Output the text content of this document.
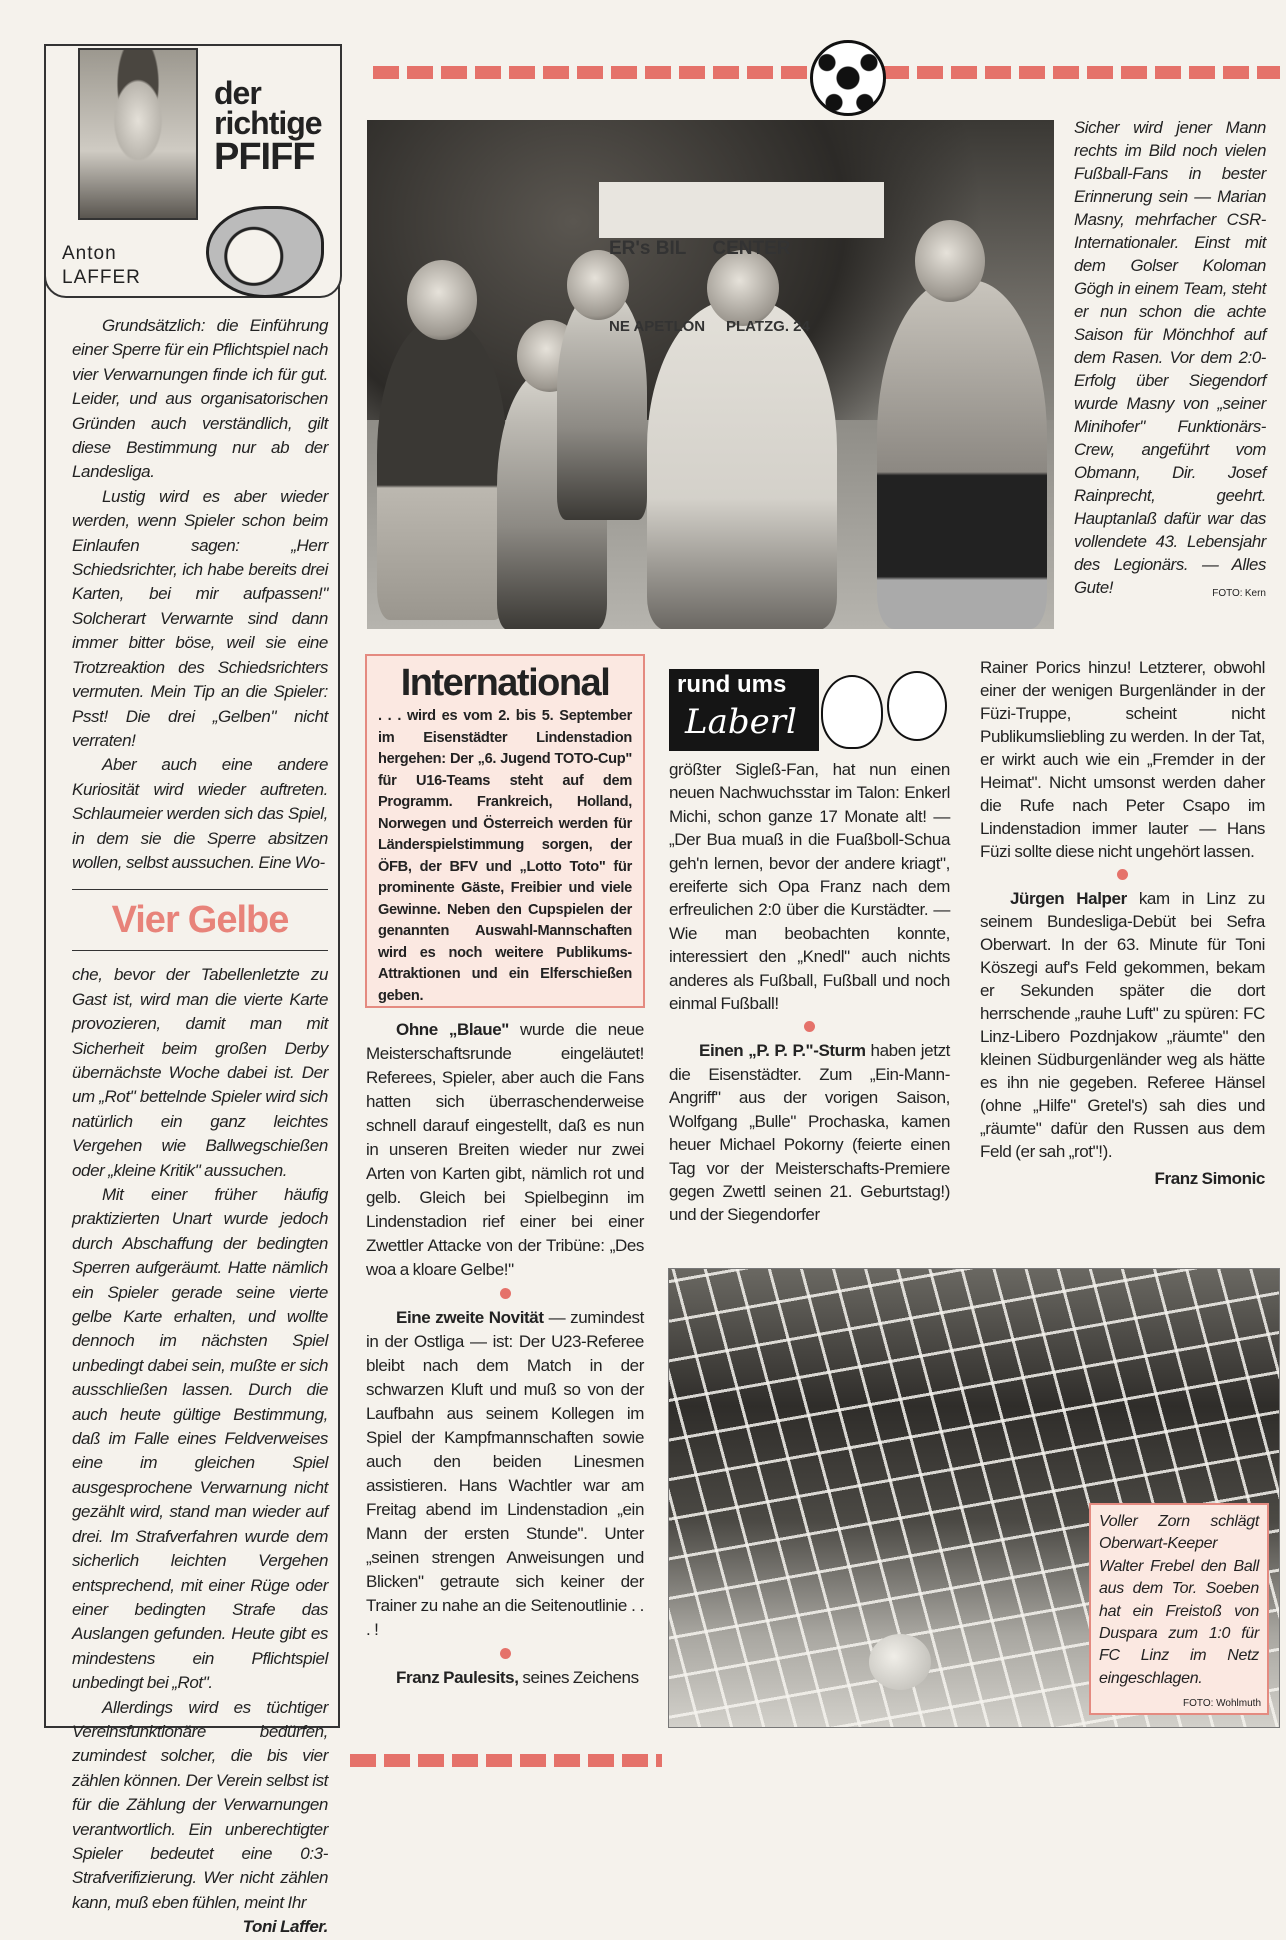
der
richtige
PFIFF
Anton
LAFFER

Grundsätzlich: die Einführung einer Sperre für ein Pflichtspiel nach vier Verwarnungen finde ich für gut. Leider, und aus organisatorischen Gründen auch verständlich, gilt diese Bestimmung nur ab der Landesliga.

Lustig wird es aber wieder werden, wenn Spieler schon beim Einlaufen sagen: „Herr Schiedsrichter, ich habe bereits drei Karten, bei mir aufpassen!" Solcherart Verwarnte sind dann immer bitter böse, weil sie eine Trotzreaktion des Schiedsrichters vermuten. Mein Tip an die Spieler: Psst! Die drei „Gelben" nicht verraten!

Aber auch eine andere Kuriosität wird wieder auftreten. Schlaumeier werden sich das Spiel, in dem sie die Sperre absitzen wollen, selbst aussuchen. Eine Wo-

Vier Gelbe

che, bevor der Tabellenletzte zu Gast ist, wird man die vierte Karte provozieren, damit man mit Sicherheit beim großen Derby übernächste Woche dabei ist. Der um „Rot" bettelnde Spieler wird sich natürlich ein ganz leichtes Vergehen wie Ballwegschießen oder „kleine Kritik" aussuchen.

Mit einer früher häufig praktizierten Unart wurde jedoch durch Abschaffung der bedingten Sperren aufgeräumt. Hatte nämlich ein Spieler gerade seine vierte gelbe Karte erhalten, und wollte dennoch im nächsten Spiel unbedingt dabei sein, mußte er sich ausschließen lassen. Durch die auch heute gültige Bestimmung, daß im Falle eines Feldverweises eine im gleichen Spiel ausgesprochene Verwarnung nicht gezählt wird, stand man wieder auf drei. Im Strafverfahren wurde dem sicherlich leichten Vergehen entsprechend, mit einer Rüge oder einer bedingten Strafe das Auslangen gefunden. Heute gibt es mindestens ein Pflichtspiel unbedingt bei „Rot".

Allerdings wird es tüchtiger Vereinsfunktionäre bedürfen, zumindest solcher, die bis vier zählen können. Der Verein selbst ist für die Zählung der Verwarnungen verantwortlich. Ein unberechtigter Spieler bedeutet eine 0:3-Strafverifizierung. Wer nicht zählen kann, muß eben fühlen, meint Ihr

Toni Laffer.

ER's BIL     CENTER

NE APETLON     PLATZG. 24

Sicher wird jener Mann rechts im Bild noch vielen Fußball-Fans in bester Erinnerung sein — Marian Masny, mehrfacher CSR-Internationaler. Einst mit dem Golser Koloman Gögh in einem Team, steht er nun schon die achte Saison für Mönchhof auf dem Rasen. Vor dem 2:0-Erfolg über Siegendorf wurde Masny von „seiner Minihofer" Funktionärs-Crew, angeführt vom Obmann, Dir. Josef Rainprecht, geehrt. Hauptanlaß dafür war das vollendete 43. Lebensjahr des Legionärs. — Alles Gute!	FOTO: Kern
International

. . . wird es vom 2. bis 5. September im Eisenstädter Lindenstadion hergehen: Der „6. Jugend TOTO-Cup" für U16-Teams steht auf dem Programm. Frankreich, Holland, Norwegen und Österreich werden für Länderspielstimmung sorgen, der ÖFB, der BFV und „Lotto Toto" für prominente Gäste, Freibier und viele Gewinne. Neben den Cupspielen der genannten Auswahl-Mannschaften wird es noch weitere Publikums-Attraktionen und ein Elferschießen geben.

Ohne „Blaue" wurde die neue Meisterschaftsrunde eingeläutet! Referees, Spieler, aber auch die Fans hatten sich überraschenderweise schnell darauf eingestellt, daß es nun in unseren Breiten wieder nur zwei Arten von Karten gibt, nämlich rot und gelb. Gleich bei Spielbeginn im Lindenstadion rief einer bei einer Zwettler Attacke von der Tribüne: „Des woa a kloare Gelbe!"

Eine zweite Novität — zumindest in der Ostliga — ist: Der U23-Referee bleibt nach dem Match in der schwarzen Kluft und muß so von der Laufbahn aus seinem Kollegen im Spiel der Kampfmannschaften sowie auch den beiden Linesmen assistieren. Hans Wachtler war am Freitag abend im Lindenstadion „ein Mann der ersten Stunde". Unter „seinen strengen Anweisungen und Blicken" getraute sich keiner der Trainer zu nahe an die Seitenoutlinie . . . !

Franz Paulesits, seines Zeichens

rund ums
Laberl

größter Sigleß-Fan, hat nun einen neuen Nachwuchsstar im Talon: Enkerl Michi, schon ganze 17 Monate alt! — „Der Bua muaß in die Fuaßboll-Schua geh'n lernen, bevor der andere kriagt", ereiferte sich Opa Franz nach dem erfreulichen 2:0 über die Kurstädter. — Wie man beobachten konnte, interessiert den „Knedl" auch nichts anderes als Fußball, Fußball und noch einmal Fußball!

Einen „P. P. P."-Sturm haben jetzt die Eisenstädter. Zum „Ein-Mann-Angriff" aus der vorigen Saison, Wolfgang „Bulle" Prochaska, kamen heuer Michael Pokorny (feierte einen Tag vor der Meisterschafts-Premiere gegen Zwettl seinen 21. Geburtstag!) und der Siegendorfer

Rainer Porics hinzu! Letzterer, obwohl einer der wenigen Burgenländer in der Füzi-Truppe, scheint nicht Publikumsliebling zu werden. In der Tat, er wirkt auch wie ein „Fremder in der Heimat". Nicht umsonst werden daher die Rufe nach Peter Csapo im Lindenstadion immer lauter — Hans Füzi sollte diese nicht ungehört lassen.

Jürgen Halper kam in Linz zu seinem Bundesliga-Debüt bei Sefra Oberwart. In der 63. Minute für Toni Köszegi auf's Feld gekommen, bekam er Sekunden später die dort herrschende „rauhe Luft" zu spüren: FC Linz-Libero Pozdnjakow „räumte" den kleinen Südburgenländer weg als hätte es ihn nie gegeben. Referee Hänsel (ohne „Hilfe" Gretel's) sah dies und „räumte" dafür den Russen aus dem Feld (er sah „rot"!).

Franz Simonic

Voller Zorn schlägt Oberwart-Keeper Walter Frebel den Ball aus dem Tor. Soeben hat ein Freistoß von Duspara zum 1:0 für FC Linz im Netz eingeschlagen.

FOTO: Wohlmuth
